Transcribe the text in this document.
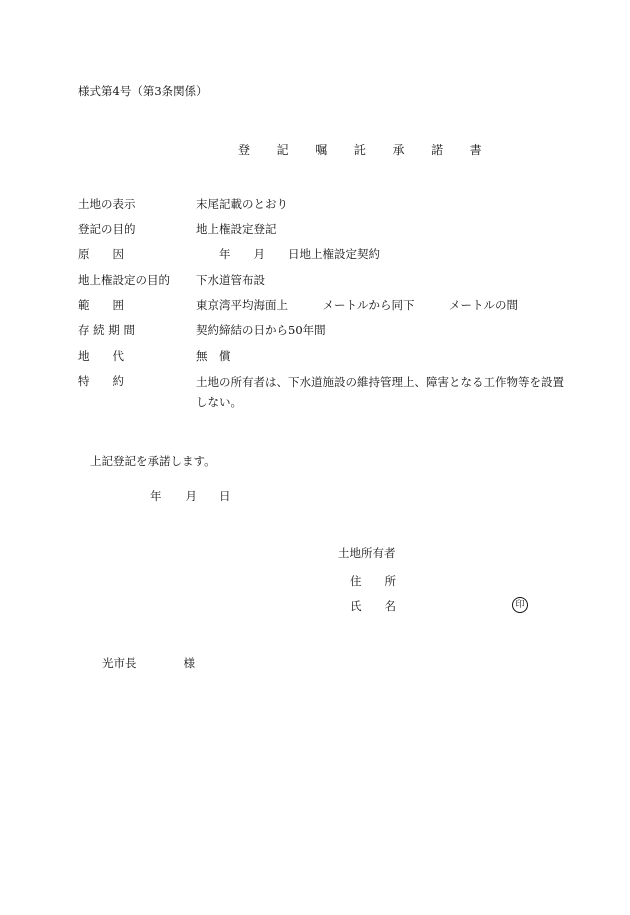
様式第4号（第3条関係）
登 記 嘱 託 承 諾 書
土地の表示	末尾記載のとおり
登記の目的	地上権設定登記
原　　因	　　年　　月　　日地上権設定契約
地上権設定の目的 下水道管布設
範　　囲	東京湾平均海面上　　　メートルから同下　　　メートルの間
存 続 期 間	契約締結の日から50年間
地　　代	無　償
特　　約	土地の所有者は、下水道施設の維持管理上、障害となる工作物等を設置しない。
上記登記を承諾します。
年 月 日
土地所有者
住　　所
氏　　名	印
光市長	様
